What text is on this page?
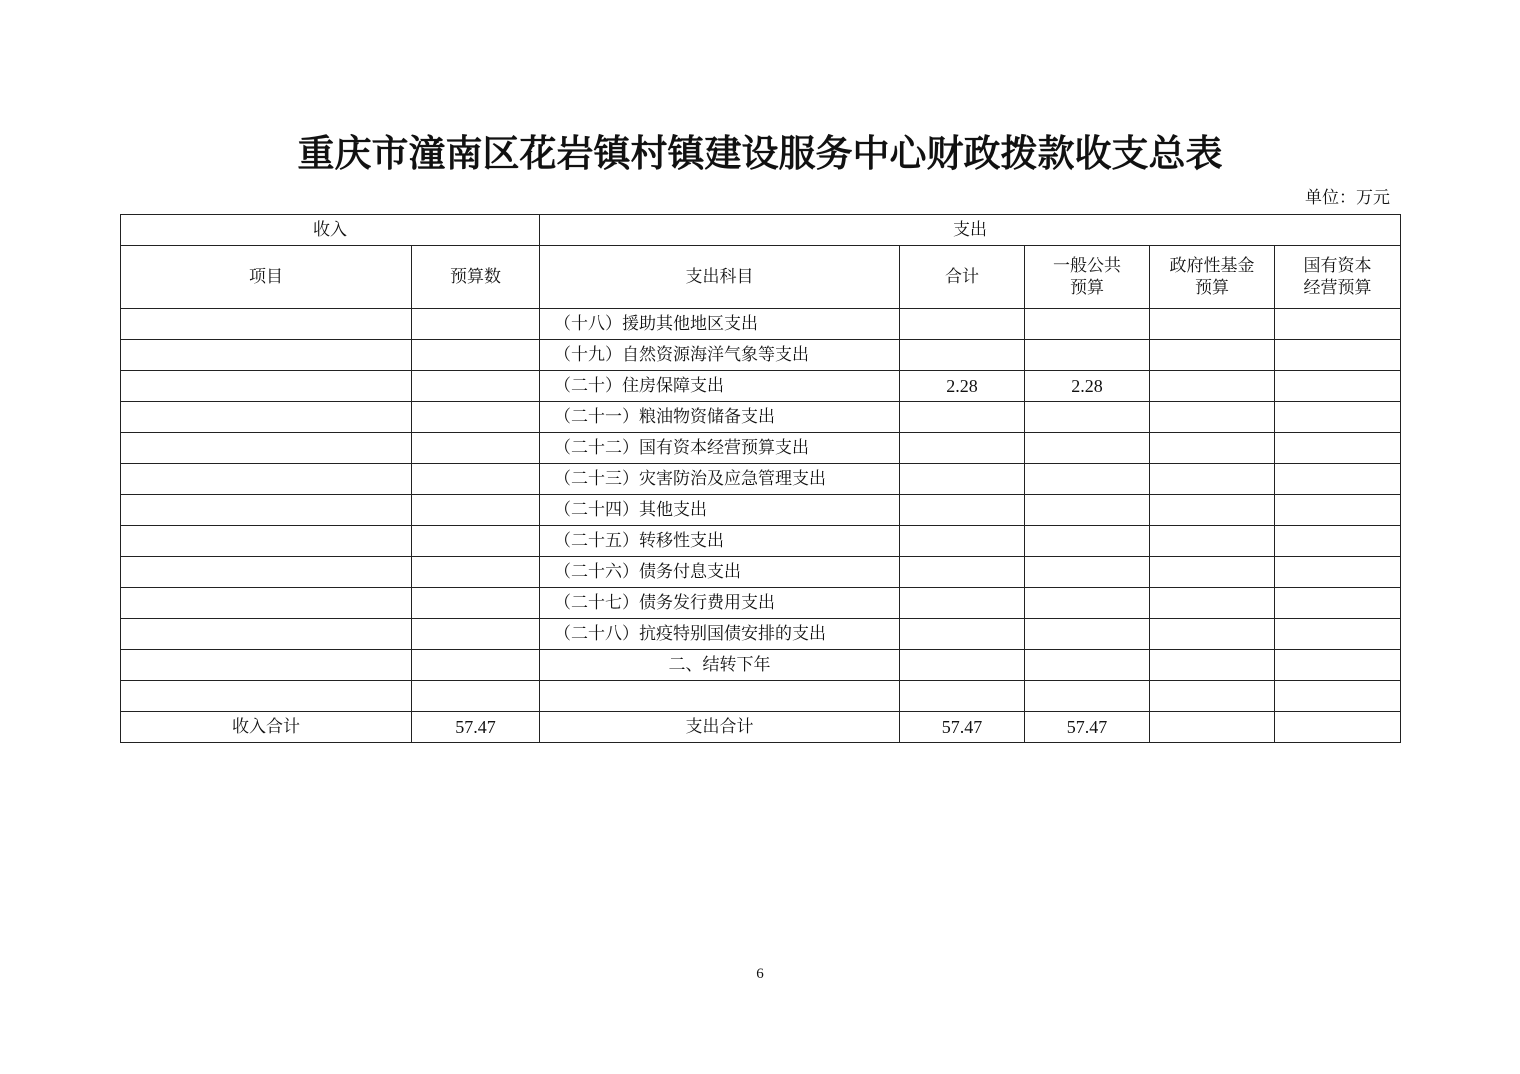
重庆市潼南区花岩镇村镇建设服务中心财政拨款收支总表
单位：万元
收入		支出				
项目	预算数	支出科目	合计	一般公共预算	政府性基金预算	国有资本经营预算
		（十八）援助其他地区支出				
		（十九）自然资源海洋气象等支出				
		（二十）住房保障支出	2.28	2.28		
		（二十一）粮油物资储备支出				
		（二十二）国有资本经营预算支出				
		（二十三）灾害防治及应急管理支出				
		（二十四）其他支出				
		（二十五）转移性支出				
		（二十六）债务付息支出				
		（二十七）债务发行费用支出				
		（二十八）抗疫特别国债安排的支出				
		二、结转下年				

收入合计	57.47	支出合计	57.47	57.47		
6
